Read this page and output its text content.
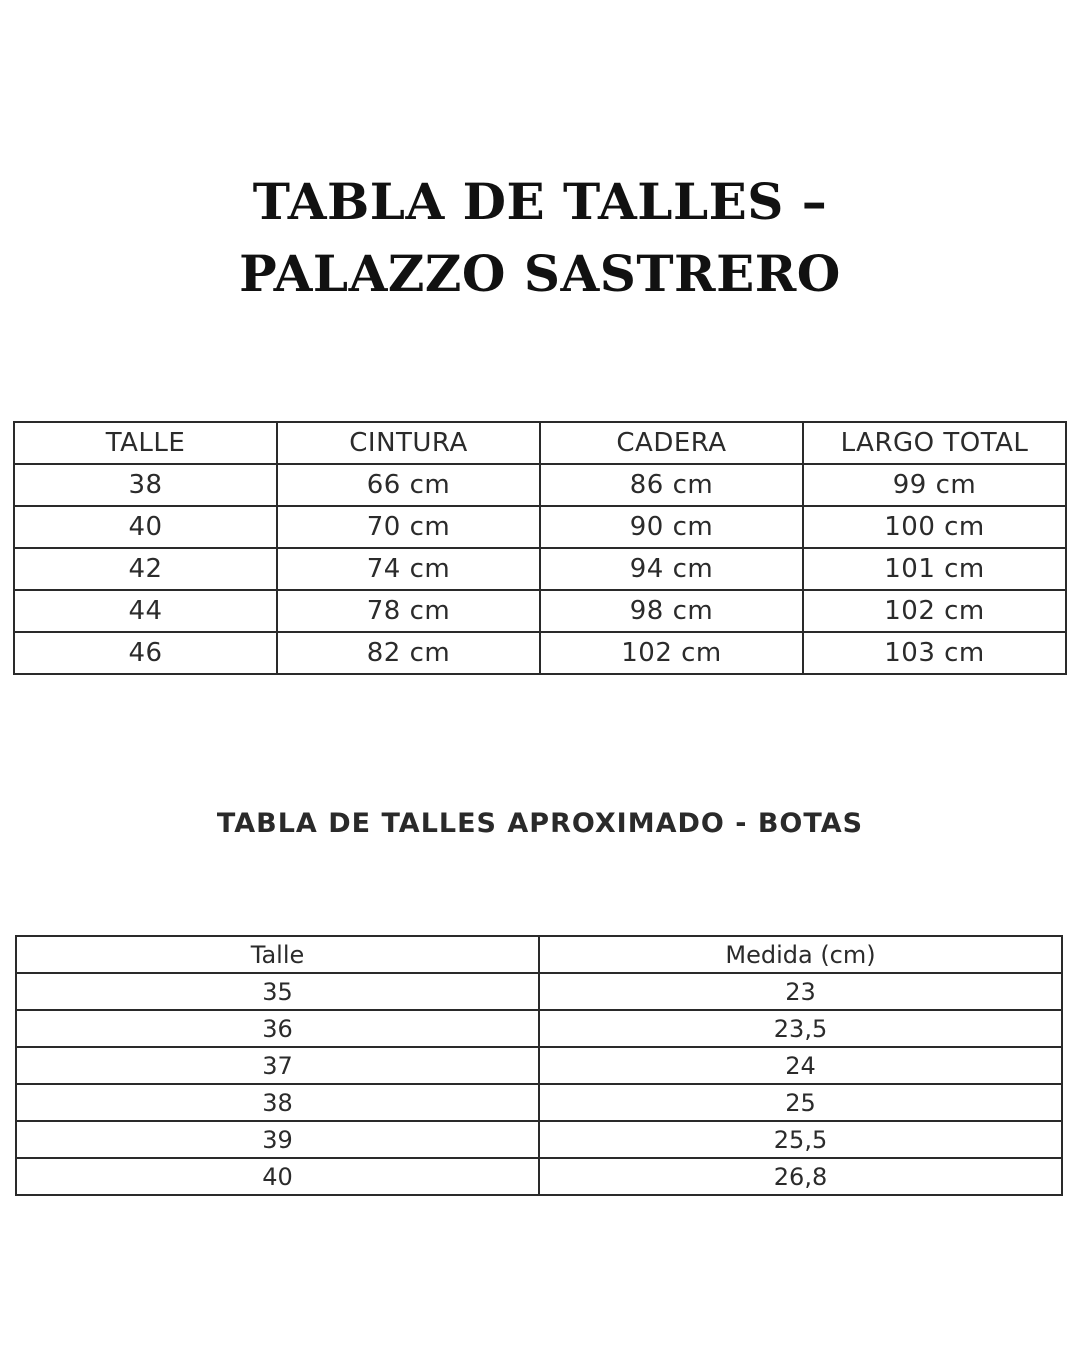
TABLA DE TALLES –
PALAZZO SASTRERO
TALLE	CINTURA	CADERA	LARGO TOTAL
38	66 cm	86 cm	99 cm
40	70 cm	90 cm	100 cm
42	74 cm	94 cm	101 cm
44	78 cm	98 cm	102 cm
46	82 cm	102 cm	103 cm
TABLA DE TALLES APROXIMADO - BOTAS
Talle	Medida (cm)
35	23
36	23,5
37	24
38	25
39	25,5
40	26,8
